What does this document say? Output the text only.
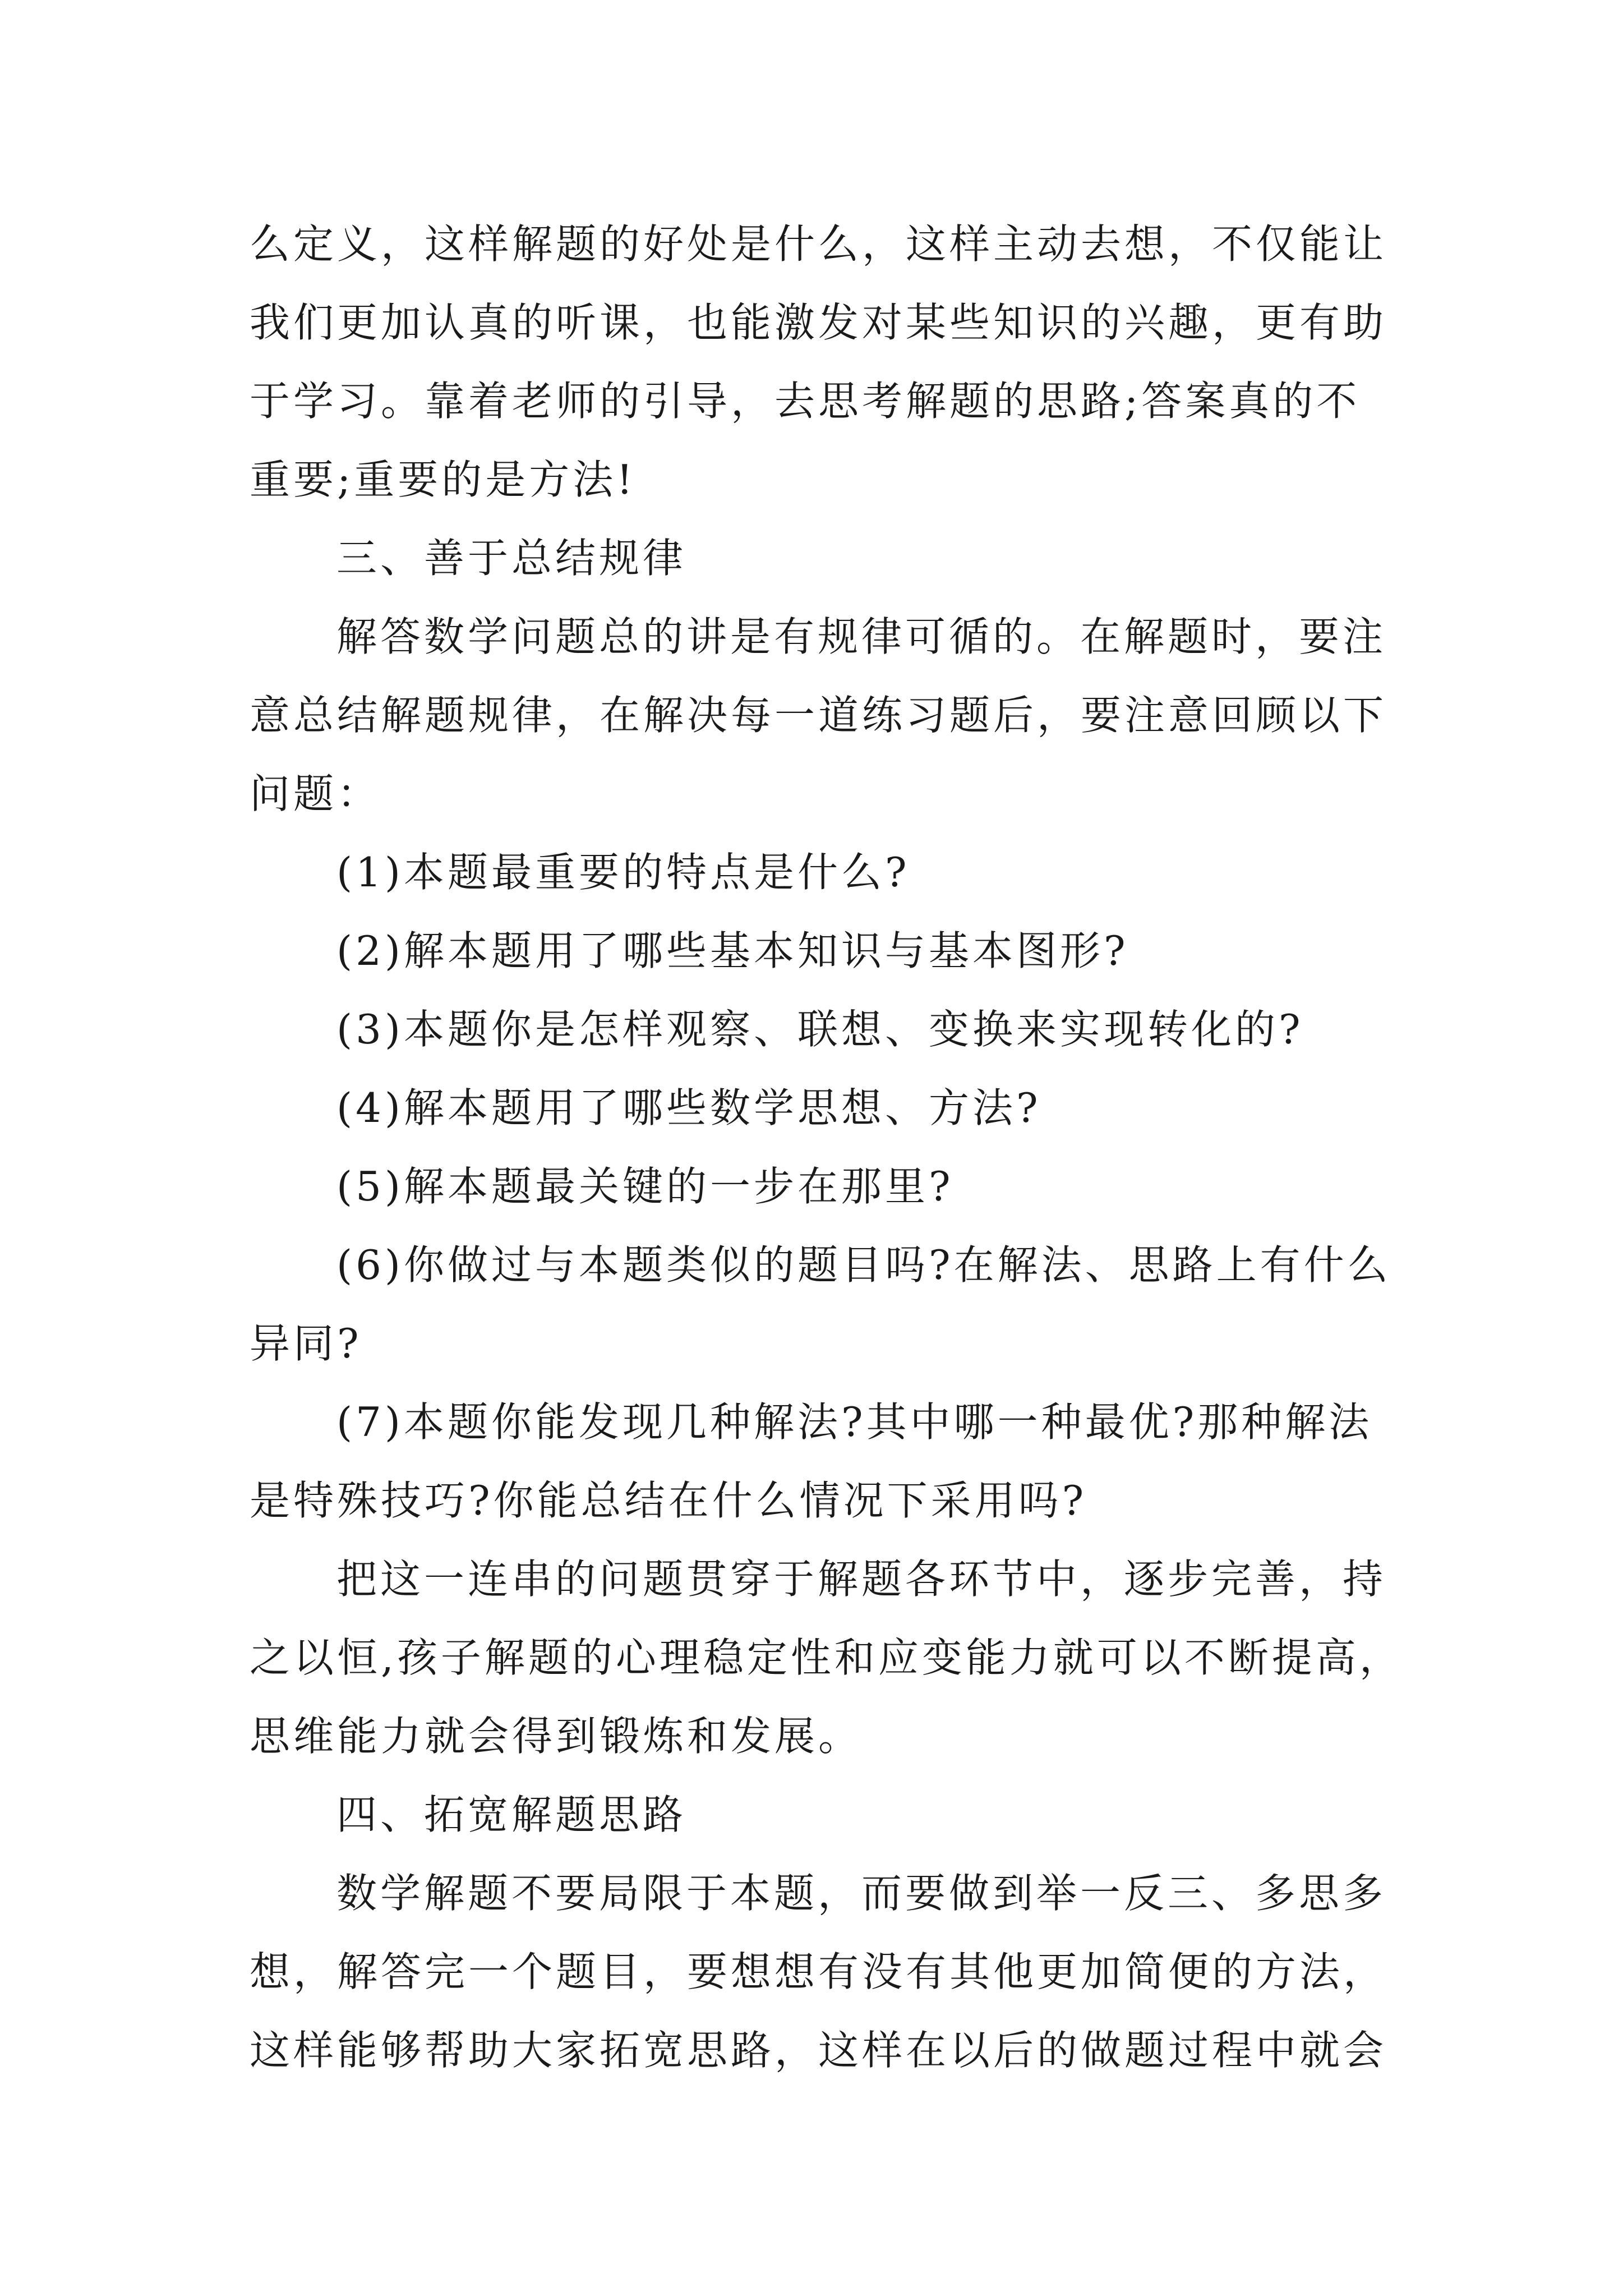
么定义，这样解题的好处是什么，这样主动去想，不仅能让
我们更加认真的听课，也能激发对某些知识的兴趣，更有助
于学习。靠着老师的引导，去思考解题的思路;答案真的不
重要;重要的是方法!
三、善于总结规律
解答数学问题总的讲是有规律可循的。在解题时，要注
意总结解题规律，在解决每一道练习题后，要注意回顾以下
问题：
(1)本题最重要的特点是什么?
(2)解本题用了哪些基本知识与基本图形?
(3)本题你是怎样观察、联想、变换来实现转化的?
(4)解本题用了哪些数学思想、方法?
(5)解本题最关键的一步在那里?
(6)你做过与本题类似的题目吗?在解法、思路上有什么
异同?
(7)本题你能发现几种解法?其中哪一种最优?那种解法
是特殊技巧?你能总结在什么情况下采用吗?
把这一连串的问题贯穿于解题各环节中，逐步完善，持
之以恒,孩子解题的心理稳定性和应变能力就可以不断提高，
思维能力就会得到锻炼和发展。
四、拓宽解题思路
数学解题不要局限于本题，而要做到举一反三、多思多
想，解答完一个题目，要想想有没有其他更加简便的方法，
这样能够帮助大家拓宽思路，这样在以后的做题过程中就会
